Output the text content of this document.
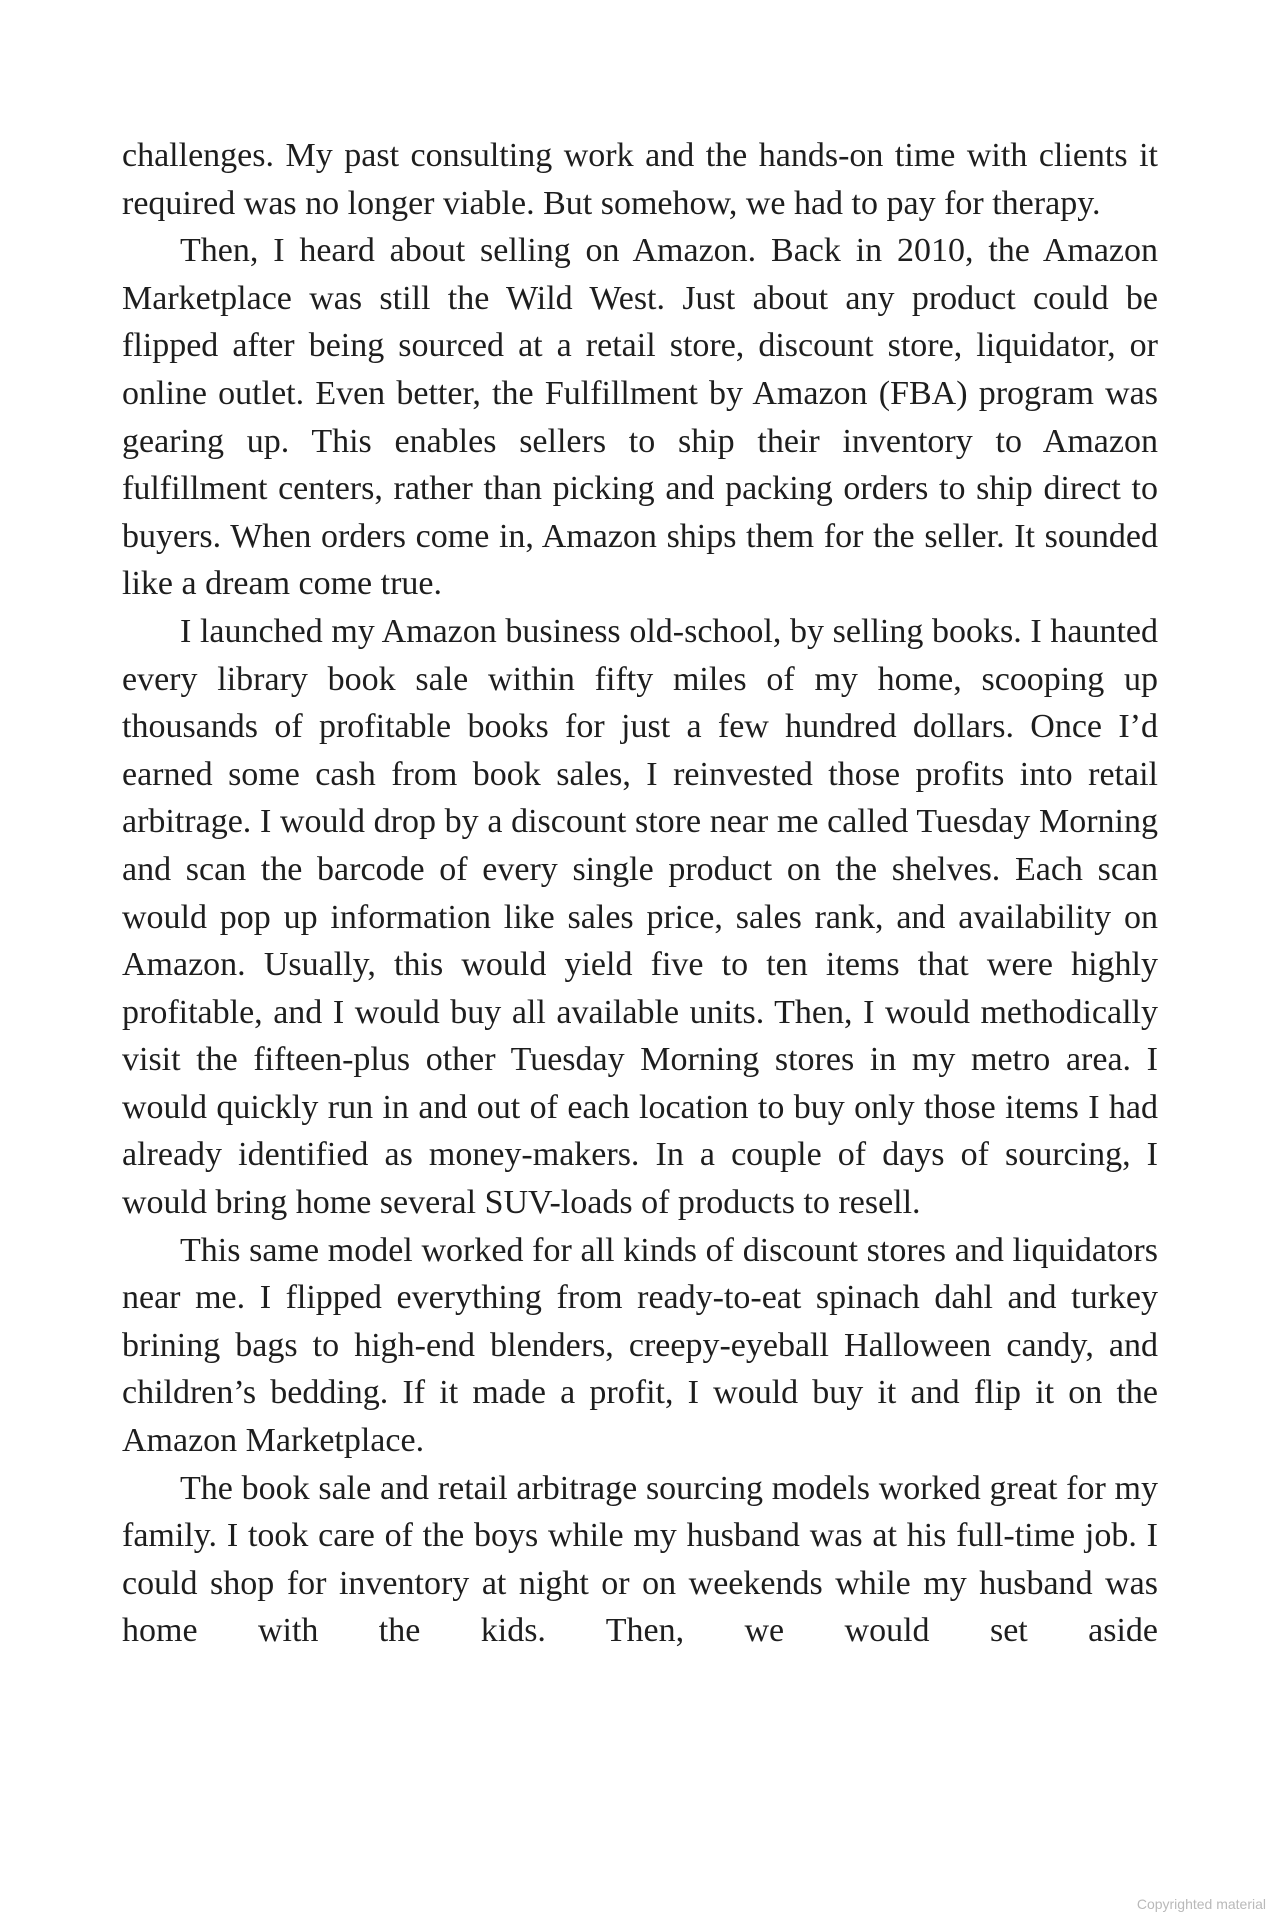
challenges. My past consulting work and the hands-on time with clients it required was no longer viable. But somehow, we had to pay for therapy.

Then, I heard about selling on Amazon. Back in 2010, the Amazon Marketplace was still the Wild West. Just about any product could be flipped after being sourced at a retail store, discount store, liquidator, or online outlet. Even better, the Fulfillment by Amazon (FBA) program was gearing up. This enables sellers to ship their inventory to Amazon fulfillment centers, rather than picking and packing orders to ship direct to buyers. When orders come in, Amazon ships them for the seller. It sounded like a dream come true.

I launched my Amazon business old-school, by selling books. I haunted every library book sale within fifty miles of my home, scooping up thousands of profitable books for just a few hundred dollars. Once I’d earned some cash from book sales, I reinvested those profits into retail arbitrage. I would drop by a discount store near me called Tuesday Morning and scan the barcode of every single product on the shelves. Each scan would pop up information like sales price, sales rank, and availability on Amazon. Usually, this would yield five to ten items that were highly profitable, and I would buy all available units. Then, I would methodically visit the fifteen-plus other Tuesday Morning stores in my metro area. I would quickly run in and out of each location to buy only those items I had already identified as money-makers. In a couple of days of sourcing, I would bring home several SUV-loads of products to resell.

This same model worked for all kinds of discount stores and liquidators near me. I flipped everything from ready-to-eat spinach dahl and turkey brining bags to high-end blenders, creepy-eyeball Halloween candy, and children’s bedding. If it made a profit, I would buy it and flip it on the Amazon Marketplace.

The book sale and retail arbitrage sourcing models worked great for my family. I took care of the boys while my husband was at his full-time job. I could shop for inventory at night or on weekends while my husband was home with the kids. Then, we would set aside

Copyrighted material
